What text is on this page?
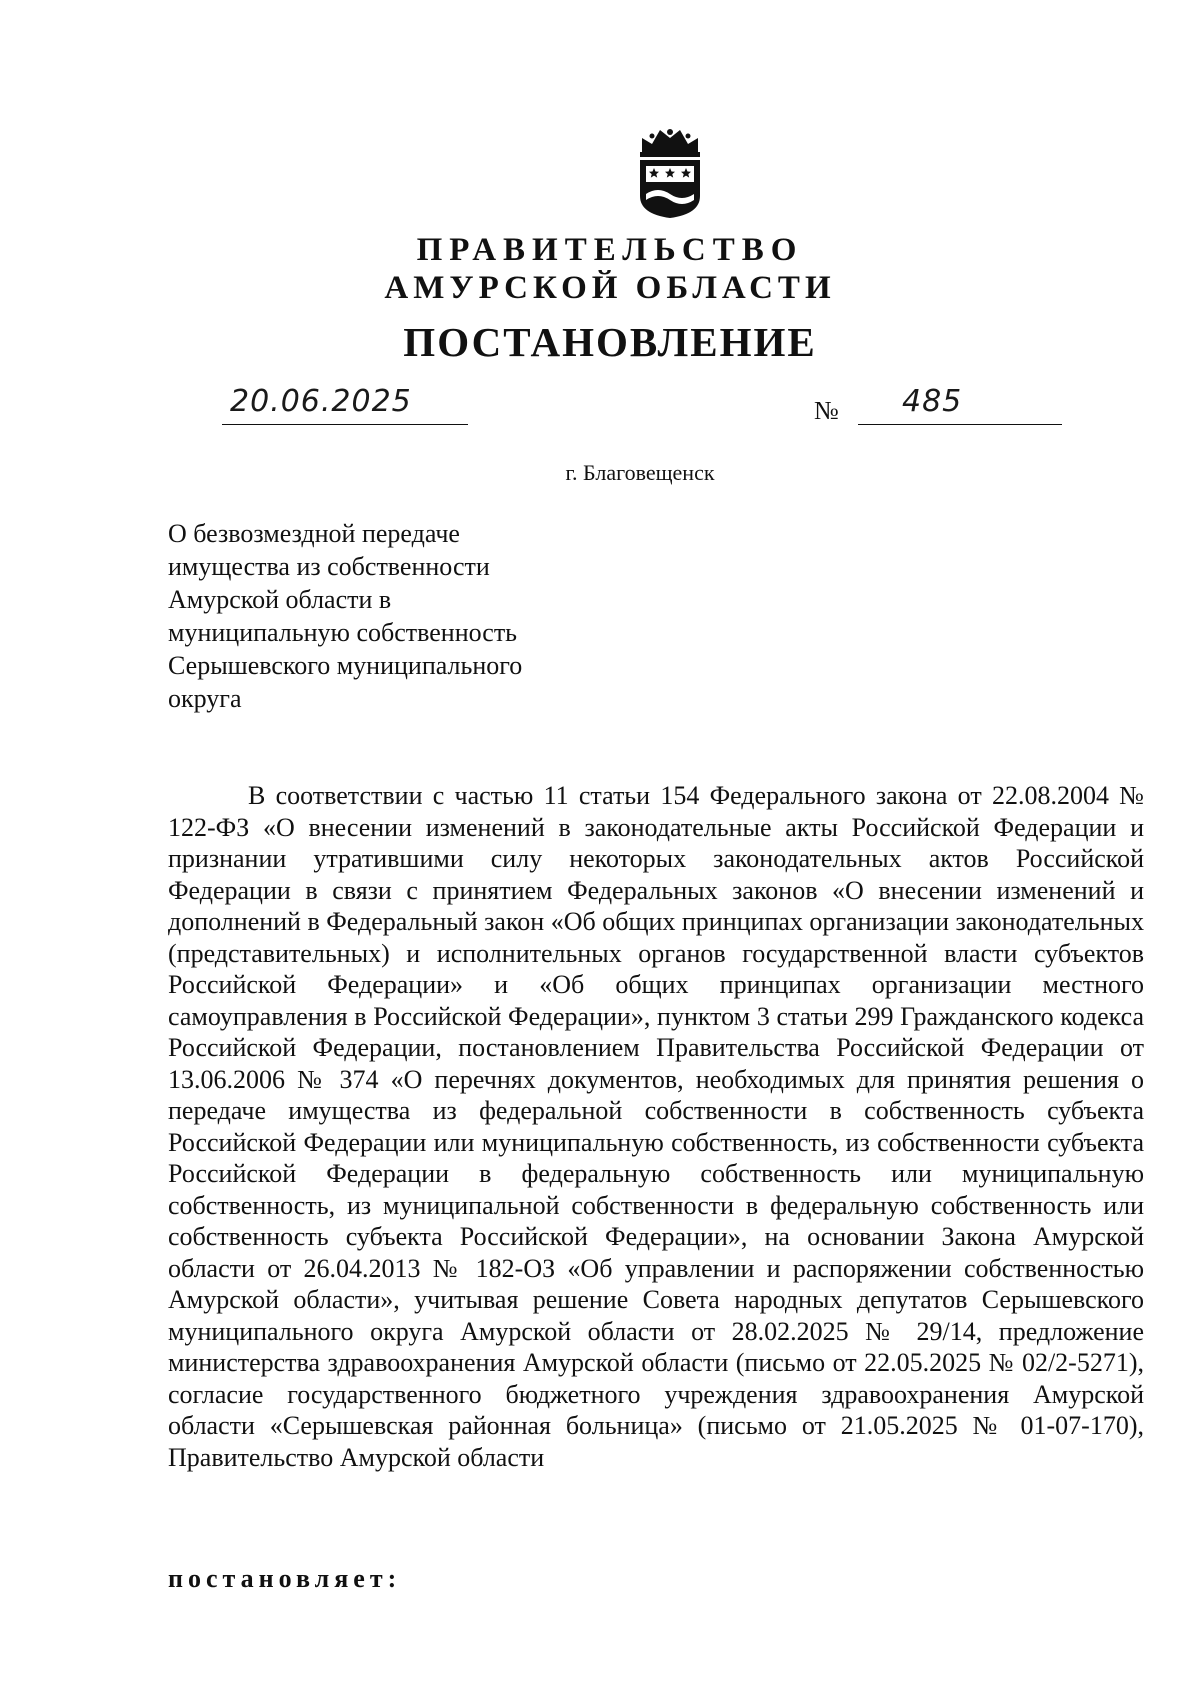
ПРАВИТЕЛЬСТВО
АМУРСКОЙ ОБЛАСТИ
ПОСТАНОВЛЕНИЕ
20.06.2025	№ 485
г. Благовещенск
О безвозмездной передаче
имущества из собственности
Амурской области в
муниципальную собственность
Серышевского муниципального
округа

В соответствии с частью 11 статьи 154 Федерального закона от 22.08.2004 № 122-ФЗ «О внесении изменений в законодательные акты Российской Федерации и признании утратившими силу некоторых законодательных актов Российской Федерации в связи с принятием Федеральных законов «О внесении изменений и дополнений в Федеральный закон «Об общих принципах организации законодательных (представительных) и исполнительных органов государственной власти субъектов Российской Федерации» и «Об общих принципах организации местного самоуправления в Российской Федерации», пунктом 3 статьи 299 Гражданского кодекса Российской Федерации, постановлением Правительства Российской Федерации от 13.06.2006 № 374 «О перечнях документов, необходимых для принятия решения о передаче имущества из федеральной собственности в собственность субъекта Российской Федерации или муниципальную собственность, из собственности субъекта Российской Федерации в федеральную собственность или муниципальную собственность, из муниципальной собственности в федеральную собственность или собственность субъекта Российской Федерации», на основании Закона Амурской области от 26.04.2013 № 182-ОЗ «Об управлении и распоряжении собственностью Амурской области», учитывая решение Совета народных депутатов Серышевского муниципального округа Амурской области от 28.02.2025 № 29/14, предложение министерства здравоохранения Амурской области (письмо от 22.05.2025 № 02/2-5271), согласие государственного бюджетного учреждения здравоохранения Амурской области «Серышевская районная больница» (письмо от 21.05.2025 № 01-07-170), Правительство Амурской области

постановляет:
